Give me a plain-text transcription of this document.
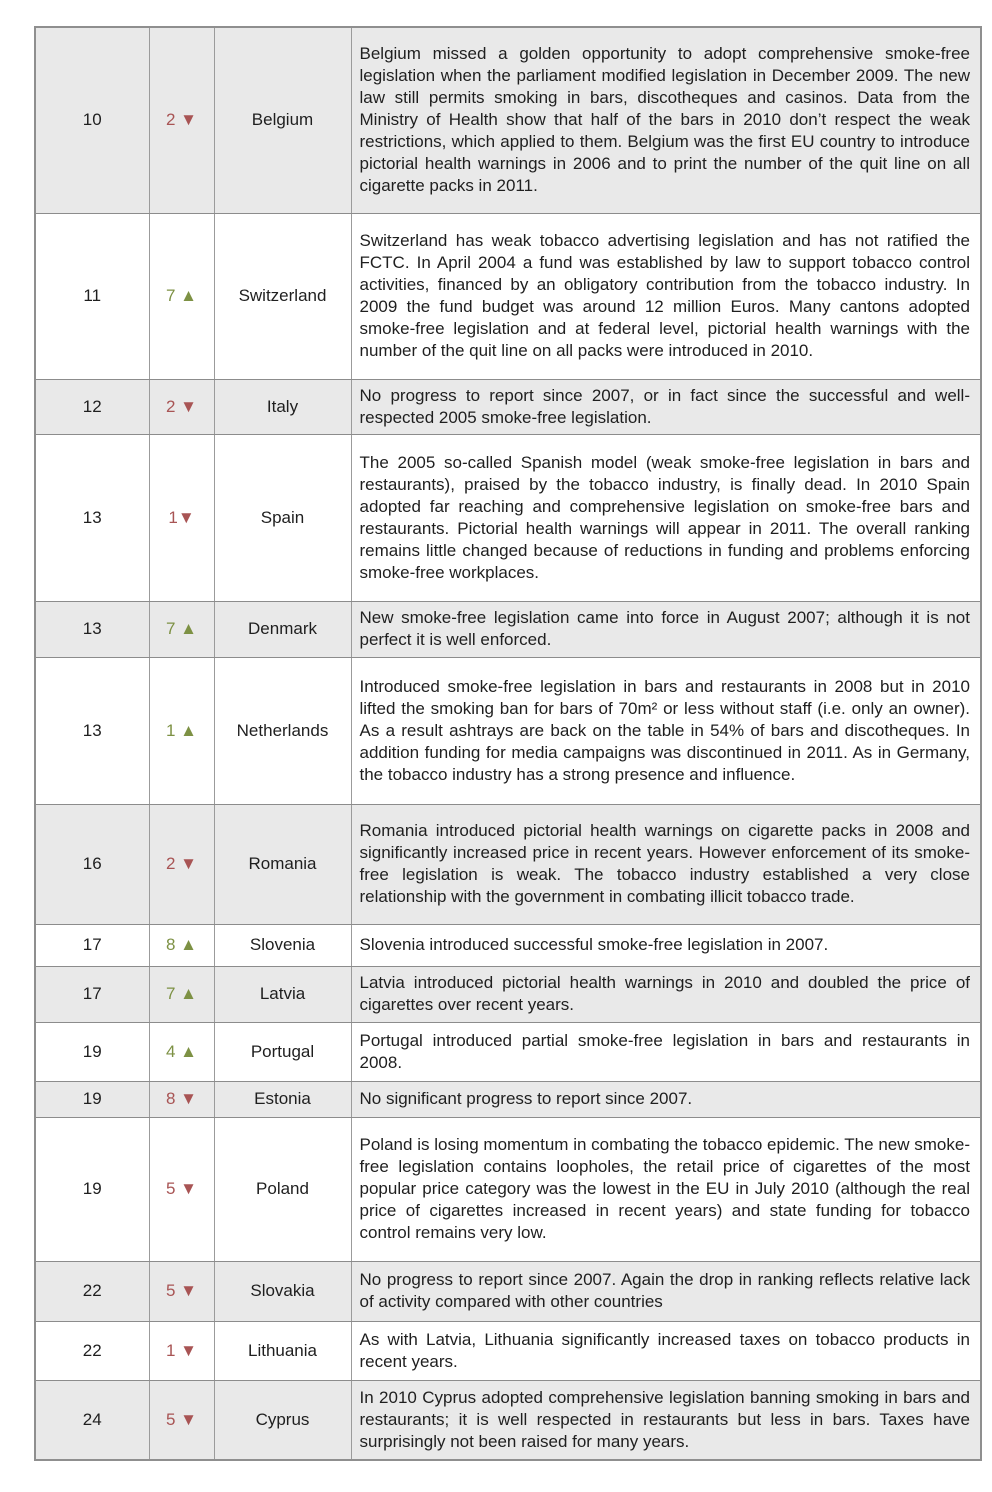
10	2 ▼	Belgium	Belgium missed a golden opportunity to adopt comprehensive smoke-free legislation when the parliament modified legislation in December 2009. The new law still permits smoking in bars, discotheques and casinos. Data from the Ministry of Health show that half of the bars in 2010 don’t respect the weak restrictions, which applied to them. Belgium was the first EU country to introduce pictorial health warnings in 2006 and to print the number of the quit line on all cigarette packs in 2011.
11	7 ▲	Switzerland	Switzerland has weak tobacco advertising legislation and has not ratified the FCTC. In April 2004 a fund was established by law to support tobacco control activities, financed by an obligatory contribution from the tobacco industry. In 2009 the fund budget was around 12 million Euros. Many cantons adopted smoke-free legislation and at federal level, pictorial health warnings with the number of the quit line on all packs were introduced in 2010.
12	2 ▼	Italy	No progress to report since 2007, or in fact since the successful and well-respected 2005 smoke-free legislation.
13	1▼	Spain	The 2005 so-called Spanish model (weak smoke-free legislation in bars and restaurants), praised by the tobacco industry, is finally dead. In 2010 Spain adopted far reaching and comprehensive legislation on smoke-free bars and restaurants. Pictorial health warnings will appear in 2011. The overall ranking remains little changed because of reductions in funding and problems enforcing smoke-free workplaces.
13	7 ▲	Denmark	New smoke-free legislation came into force in August 2007; although it is not perfect it is well enforced.
13	1 ▲	Netherlands	Introduced smoke-free legislation in bars and restaurants in 2008 but in 2010 lifted the smoking ban for bars of 70m² or less without staff (i.e. only an owner). As a result ashtrays are back on the table in 54% of bars and discotheques. In addition funding for media campaigns was discontinued in 2011. As in Germany, the tobacco industry has a strong presence and influence.
16	2 ▼	Romania	Romania introduced pictorial health warnings on cigarette packs in 2008 and significantly increased price in recent years. However enforcement of its smoke-free legislation is weak. The tobacco industry established a very close relationship with the government in combating illicit tobacco trade.
17	8 ▲	Slovenia	Slovenia introduced successful smoke-free legislation in 2007.
17	7 ▲	Latvia	Latvia introduced pictorial health warnings in 2010 and doubled the price of cigarettes over recent years.
19	4 ▲	Portugal	Portugal introduced partial smoke-free legislation in bars and restaurants in 2008.
19	8 ▼	Estonia	No significant progress to report since 2007.
19	5 ▼	Poland	Poland is losing momentum in combating the tobacco epidemic. The new smoke-free legislation contains loopholes, the retail price of cigarettes of the most popular price category was the lowest in the EU in July 2010 (although the real price of cigarettes increased in recent years) and state funding for tobacco control remains very low.
22	5 ▼	Slovakia	No progress to report since 2007. Again the drop in ranking reflects relative lack of activity compared with other countries
22	1 ▼	Lithuania	As with Latvia, Lithuania significantly increased taxes on tobacco products in recent years.
24	5 ▼	Cyprus	In 2010 Cyprus adopted comprehensive legislation banning smoking in bars and restaurants; it is well respected in restaurants but less in bars. Taxes have surprisingly not been raised for many years.
